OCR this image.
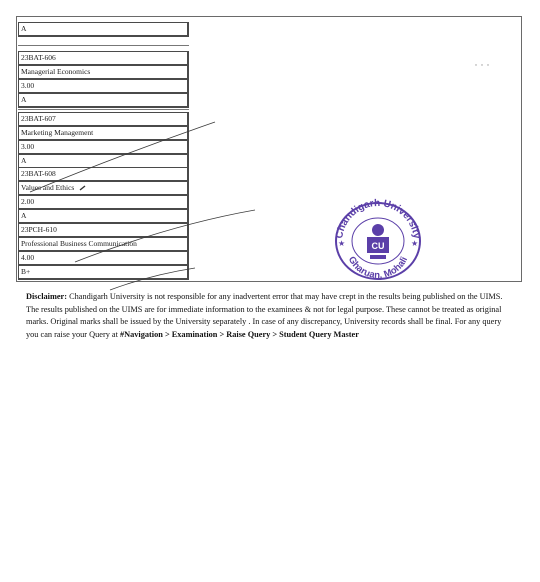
A
23BAT-606
Managerial Economics
3.00
A
23BAT-607
Marketing Management
3.00
A
23BAT-608
Values and Ethics
2.00
A
23PCH-610
Professional Business Communication
4.00
B+
Chandigarh University
Gharuan, Mohali
★	★
CU
Disclaimer: Chandigarh University is not responsible for any inadvertent error that may have crept in the results being published on the UIMS. The results published on the UIMS are for immediate information to the examinees & not for legal purpose. These cannot be treated as original marks. Original marks shall be issued by the University separately . In case of any discrepancy, University records shall be final. For any query you can raise your Query at #Navigation > Examination > Raise Query > Student Query Master
